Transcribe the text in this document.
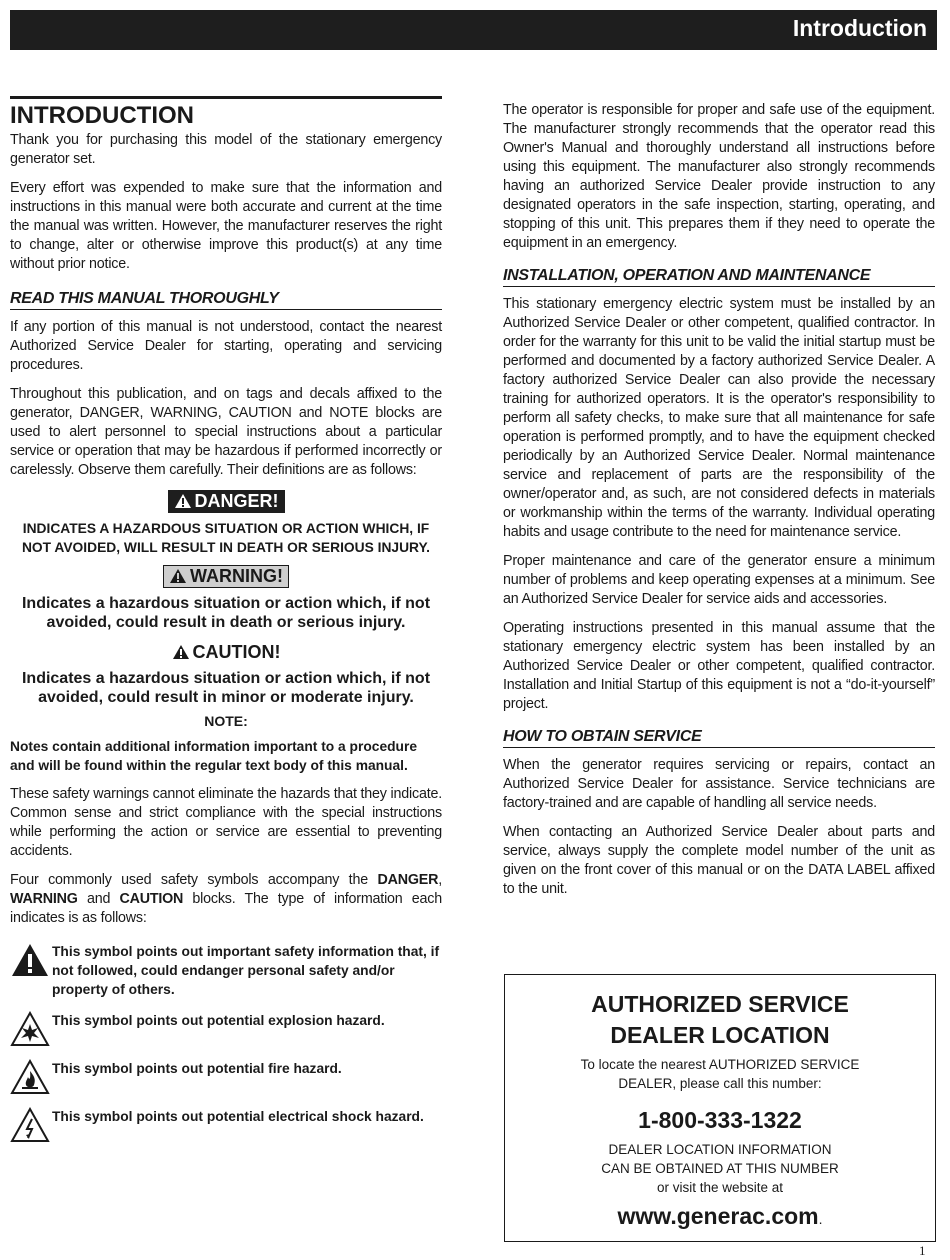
Introduction
INTRODUCTION

Thank you for purchasing this model of the stationary emergency generator set.

Every effort was expended to make sure that the information and instructions in this manual were both accurate and current at the time the manual was written. However, the manufacturer reserves the right to change, alter or otherwise improve this product(s) at any time without prior notice.

READ THIS MANUAL THOROUGHLY

If any portion of this manual is not understood, contact the nearest Authorized Service Dealer for starting, operating and servicing procedures.

Throughout this publication, and on tags and decals affixed to the generator, DANGER, WARNING, CAUTION and NOTE blocks are used to alert personnel to special instructions about a particular service or operation that may be hazardous if performed incorrectly or carelessly. Observe them carefully. Their definitions are as follows:

DANGER!
INDICATES A HAZARDOUS SITUATION OR ACTION WHICH, IF NOT AVOIDED, WILL RESULT IN DEATH OR SERIOUS INJURY.
WARNING!
Indicates a hazardous situation or action which, if not avoided, could result in death or serious injury.
CAUTION!
Indicates a hazardous situation or action which, if not avoided, could result in minor or moderate injury.
NOTE:
Notes contain additional information important to a procedure and will be found within the regular text body of this manual.

These safety warnings cannot eliminate the hazards that they indicate. Common sense and strict compliance with the special instructions while performing the action or service are essential to preventing accidents.

Four commonly used safety symbols accompany the DANGER, WARNING and CAUTION blocks. The type of information each indicates is as follows:

This symbol points out important safety information that, if not followed, could endanger personal safety and/or property of others.
This symbol points out potential explosion hazard.
This symbol points out potential fire hazard.
This symbol points out potential electrical shock hazard.

The operator is responsible for proper and safe use of the equipment. The manufacturer strongly recommends that the operator read this Owner's Manual and thoroughly understand all instructions before using this equipment. The manufacturer also strongly recommends having an authorized Service Dealer provide instruction to any designated operators in the safe inspection, starting, operating, and stopping of this unit. This prepares them if they need to operate the equipment in an emergency.

INSTALLATION, OPERATION AND MAINTENANCE

This stationary emergency electric system must be installed by an Authorized Service Dealer or other competent, qualified contractor. In order for the warranty for this unit to be valid the initial startup must be performed and documented by a factory authorized Service Dealer. A factory authorized Service Dealer can also provide the necessary training for authorized operators. It is the operator's responsibility to perform all safety checks, to make sure that all maintenance for safe operation is performed promptly, and to have the equipment checked periodically by an Authorized Service Dealer. Normal maintenance service and replacement of parts are the responsibility of the owner/operator and, as such, are not considered defects in materials or workmanship within the terms of the warranty. Individual operating habits and usage contribute to the need for maintenance service.

Proper maintenance and care of the generator ensure a minimum number of problems and keep operating expenses at a minimum. See an Authorized Service Dealer for service aids and accessories.

Operating instructions presented in this manual assume that the stationary emergency electric system has been installed by an Authorized Service Dealer or other competent, qualified contractor. Installation and Initial Startup of this equipment is not a “do-it-yourself” project.

HOW TO OBTAIN SERVICE

When the generator requires servicing or repairs, contact an Authorized Service Dealer for assistance. Service technicians are factory-trained and are capable of handling all service needs.

When contacting an Authorized Service Dealer about parts and service, always supply the complete model number of the unit as given on the front cover of this manual or on the DATA LABEL affixed to the unit.

AUTHORIZED SERVICE
DEALER LOCATION
To locate the nearest AUTHORIZED SERVICE
DEALER, please call this number:
1-800-333-1322
DEALER LOCATION INFORMATION
CAN BE OBTAINED AT THIS NUMBER
or visit the website at
www.generac.com.
1
